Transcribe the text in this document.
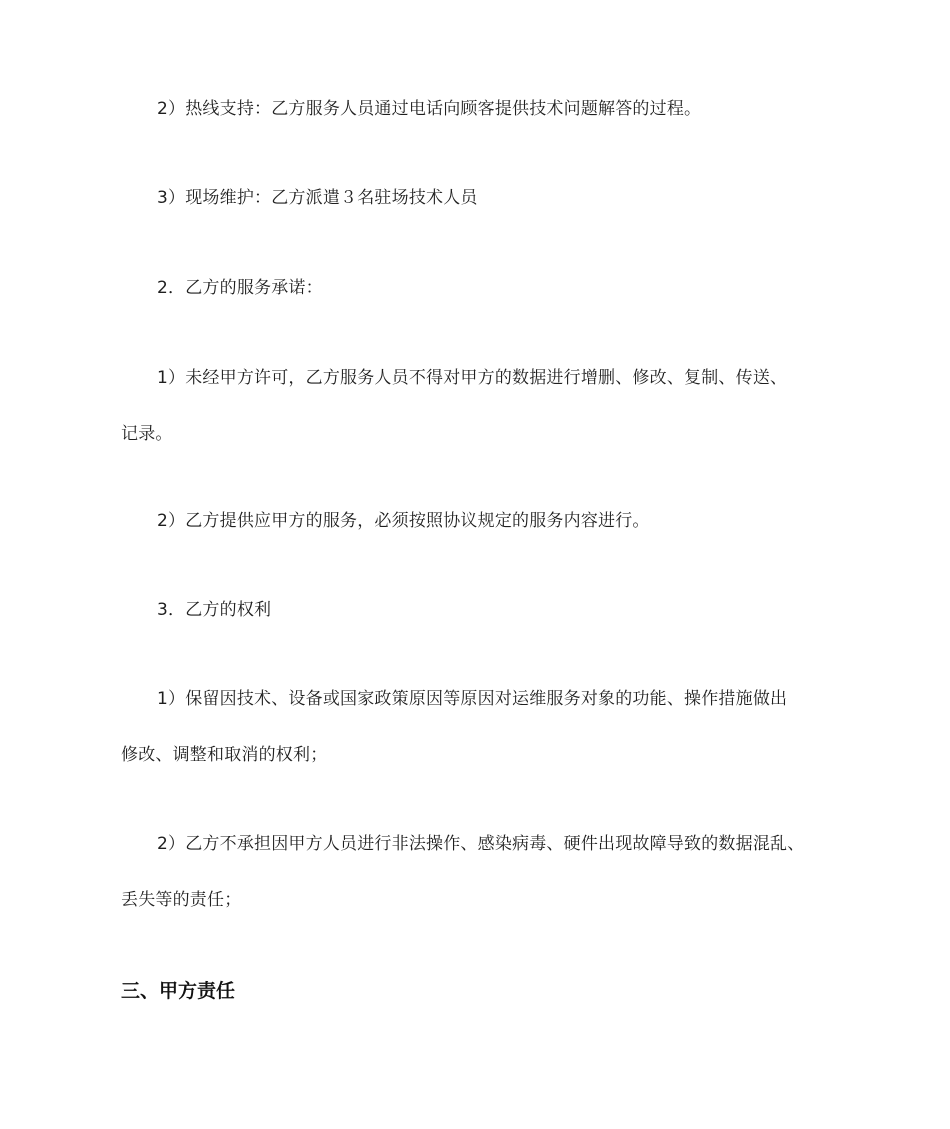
2）热线支持：乙方服务人员通过电话向顾客提供技术问题解答的过程。
3）现场维护：乙方派遣３名驻场技术人员
2．乙方的服务承诺：
1）未经甲方许可，乙方服务人员不得对甲方的数据进行增删、修改、复制、传送、
记录。
2）乙方提供应甲方的服务，必须按照协议规定的服务内容进行。
3．乙方的权利
1）保留因技术、设备或国家政策原因等原因对运维服务对象的功能、操作措施做出
修改、调整和取消的权利；
2）乙方不承担因甲方人员进行非法操作、感染病毒、硬件出现故障导致的数据混乱、
丢失等的责任；
三、甲方责任
